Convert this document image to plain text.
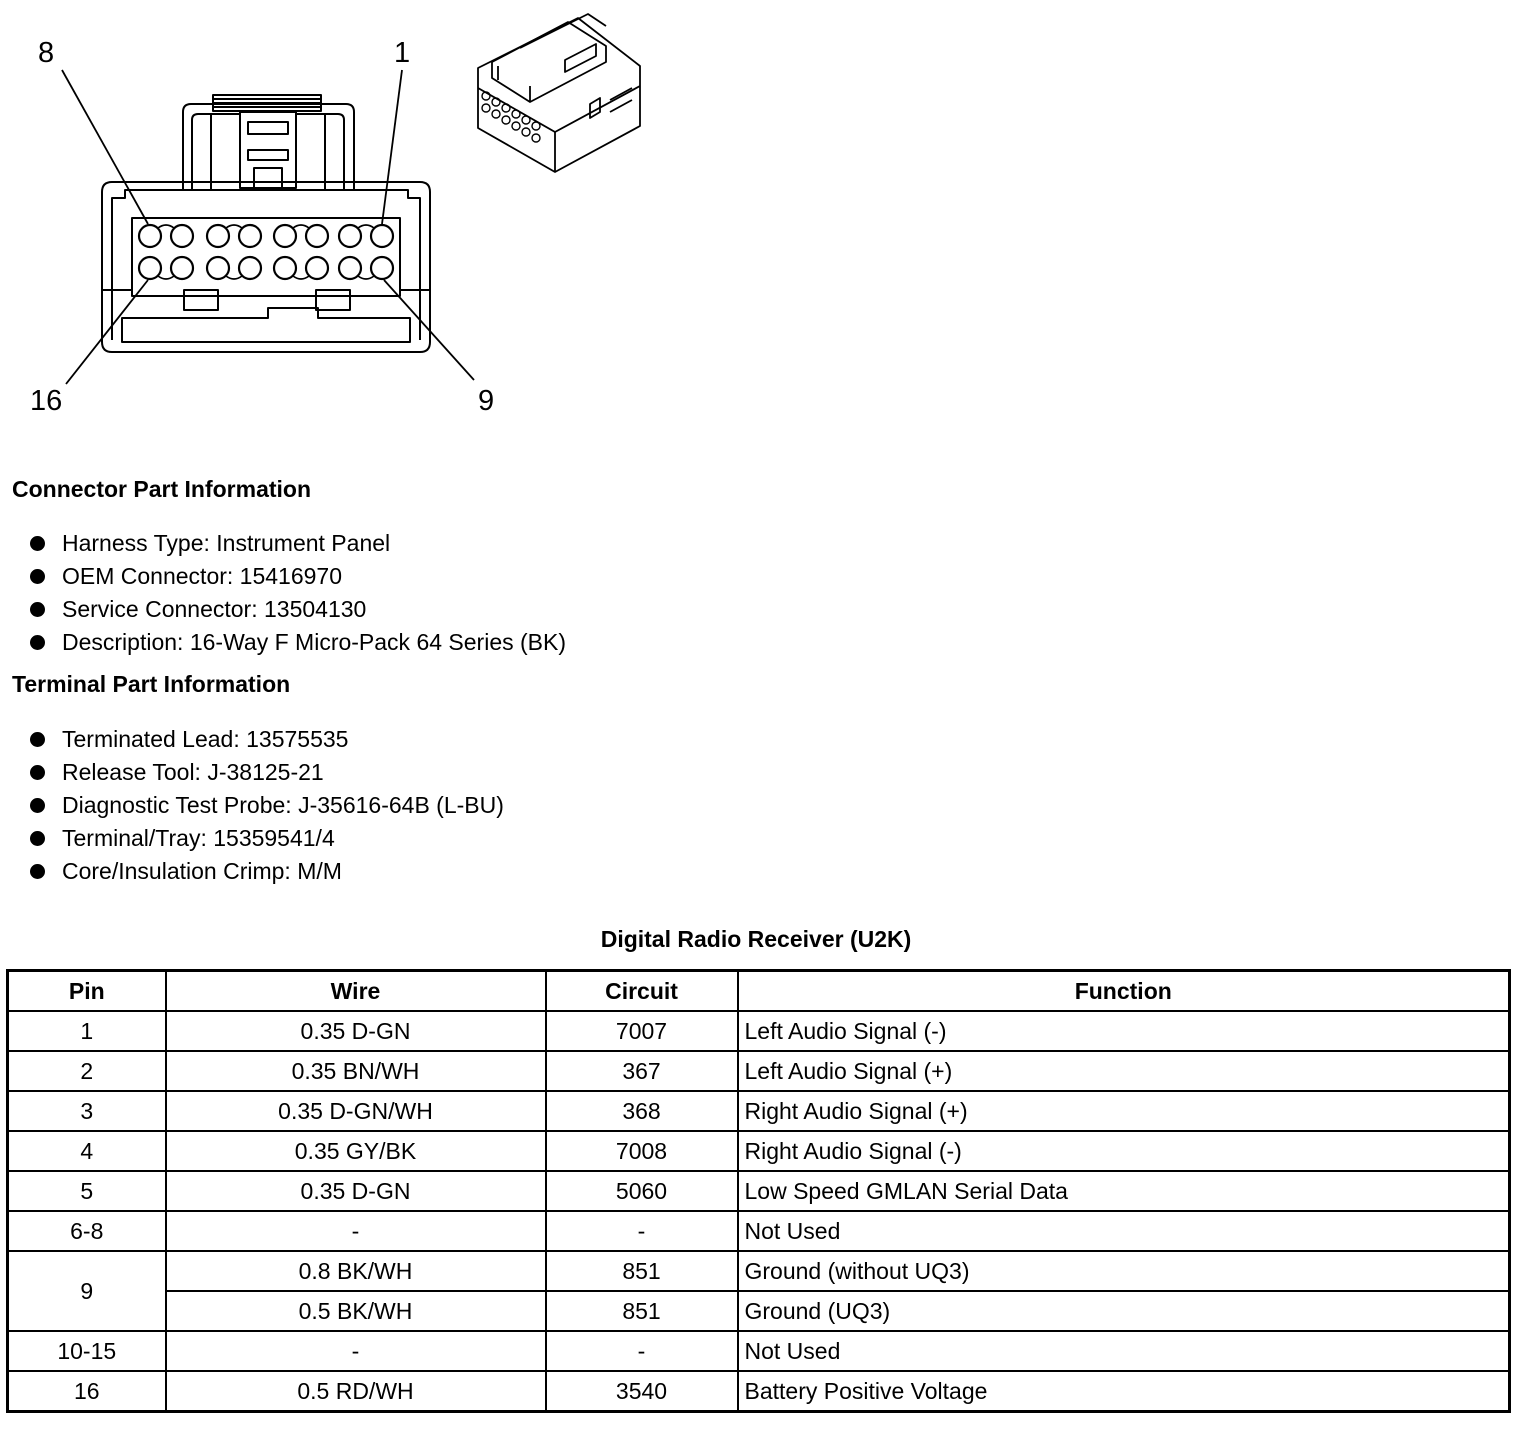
8	1
16	9
Connector Part Information
Harness Type: Instrument Panel
OEM Connector: 15416970
Service Connector: 13504130
Description: 16-Way F Micro-Pack 64 Series (BK)
Terminal Part Information
Terminated Lead: 13575535
Release Tool: J-38125-21
Diagnostic Test Probe: J-35616-64B (L-BU)
Terminal/Tray: 15359541/4
Core/Insulation Crimp: M/M
Digital Radio Receiver (U2K)
Pin	Wire	Circuit	Function
1	0.35 D-GN	7007	Left Audio Signal (-)
2	0.35 BN/WH	367	Left Audio Signal (+)
3	0.35 D-GN/WH	368	Right Audio Signal (+)
4	0.35 GY/BK	7008	Right Audio Signal (-)
5	0.35 D-GN	5060	Low Speed GMLAN Serial Data
6-8	-	-	Not Used
9	0.8 BK/WH	851	Ground (without UQ3)
	0.5 BK/WH	851	Ground (UQ3)
10-15	-	-	Not Used
16	0.5 RD/WH	3540	Battery Positive Voltage
